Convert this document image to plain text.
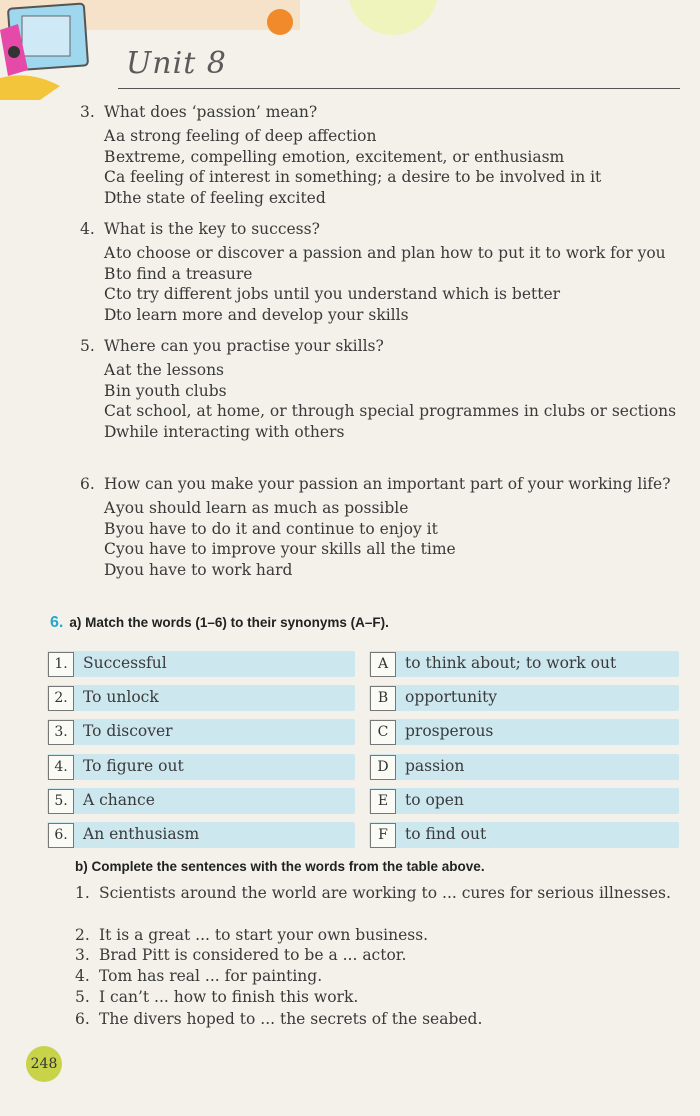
Unit 8
3. What does ‘passion’ mean?
A a strong feeling of deep affection
B extreme, compelling emotion, excitement, or enthusiasm
C a feeling of interest in something; a desire to be involved in it
D the state of feeling excited
4. What is the key to success?
A to choose or discover a passion and plan how to put it to work for you
B to find a treasure
C to try different jobs until you understand which is better
D to learn more and develop your skills
5. Where can you practise your skills?
A at the lessons
B in youth clubs
C at school, at home, or through special programmes in clubs or sections
D while interacting with others
6. How can you make your passion an important part of your working life?
A you should learn as much as possible
B you have to do it and continue to enjoy it
C you have to improve your skills all the time
D you have to work hard
6. a) Match the words (1–6) to their synonyms (A–F).
1. Successful	A	to think about; to work out
2. To unlock	B	opportunity
3. To discover	C	prosperous
4. To figure out	D	passion
5. A chance	E	to open
6. An enthusiasm	F	to find out
b) Complete the sentences with the words from the table above.
1. Scientists around the world are working to ... cures for serious illnesses.
2. It is a great ... to start your own business.
3. Brad Pitt is considered to be a ... actor.
4. Tom has real ... for painting.
5. I can’t ... how to finish this work.
6. The divers hoped to ... the secrets of the seabed.
248
